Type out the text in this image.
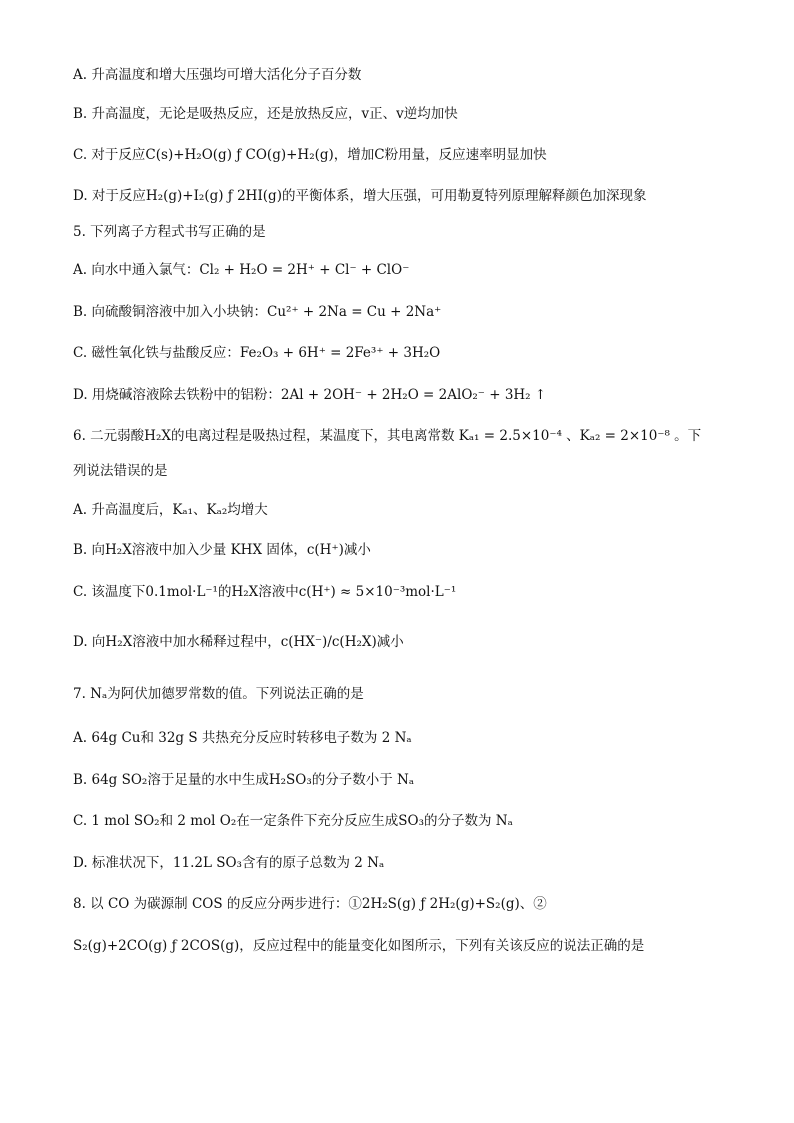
A. 升高温度和增大压强均可增大活化分子百分数
B. 升高温度，无论是吸热反应，还是放热反应，v正、v逆均加快
C. 对于反应C(s)+H₂O(g) ƒ CO(g)+H₂(g)，增加C粉用量，反应速率明显加快
D. 对于反应H₂(g)+I₂(g) ƒ 2HI(g)的平衡体系，增大压强，可用勒夏特列原理解释颜色加深现象
5. 下列离子方程式书写正确的是
A. 向水中通入氯气：Cl₂ + H₂O = 2H⁺ + Cl⁻ + ClO⁻
B. 向硫酸铜溶液中加入小块钠：Cu²⁺ + 2Na = Cu + 2Na⁺
C. 磁性氧化铁与盐酸反应：Fe₂O₃ + 6H⁺ = 2Fe³⁺ + 3H₂O
D. 用烧碱溶液除去铁粉中的铝粉：2Al + 2OH⁻ + 2H₂O = 2AlO₂⁻ + 3H₂ ↑
6. 二元弱酸H₂X的电离过程是吸热过程，某温度下，其电离常数 Kₐ₁ = 2.5×10⁻⁴ 、Kₐ₂ = 2×10⁻⁸ 。下
列说法错误的是
A. 升高温度后，Kₐ₁、Kₐ₂均增大
B. 向H₂X溶液中加入少量 KHX 固体，c(H⁺)减小
C. 该温度下0.1mol·L⁻¹的H₂X溶液中c(H⁺) ≈ 5×10⁻³mol·L⁻¹
D. 向H₂X溶液中加水稀释过程中，c(HX⁻)/c(H₂X)减小
7. Nₐ为阿伏加德罗常数的值。下列说法正确的是
A. 64g Cu和 32g S 共热充分反应时转移电子数为 2 Nₐ
B. 64g SO₂溶于足量的水中生成H₂SO₃的分子数小于 Nₐ
C. 1 mol SO₂和 2 mol O₂在一定条件下充分反应生成SO₃的分子数为 Nₐ
D. 标准状况下，11.2L SO₃含有的原子总数为 2 Nₐ
8. 以 CO 为碳源制 COS 的反应分两步进行：①2H₂S(g) ƒ 2H₂(g)+S₂(g)、②
S₂(g)+2CO(g) ƒ 2COS(g)，反应过程中的能量变化如图所示，下列有关该反应的说法正确的是
